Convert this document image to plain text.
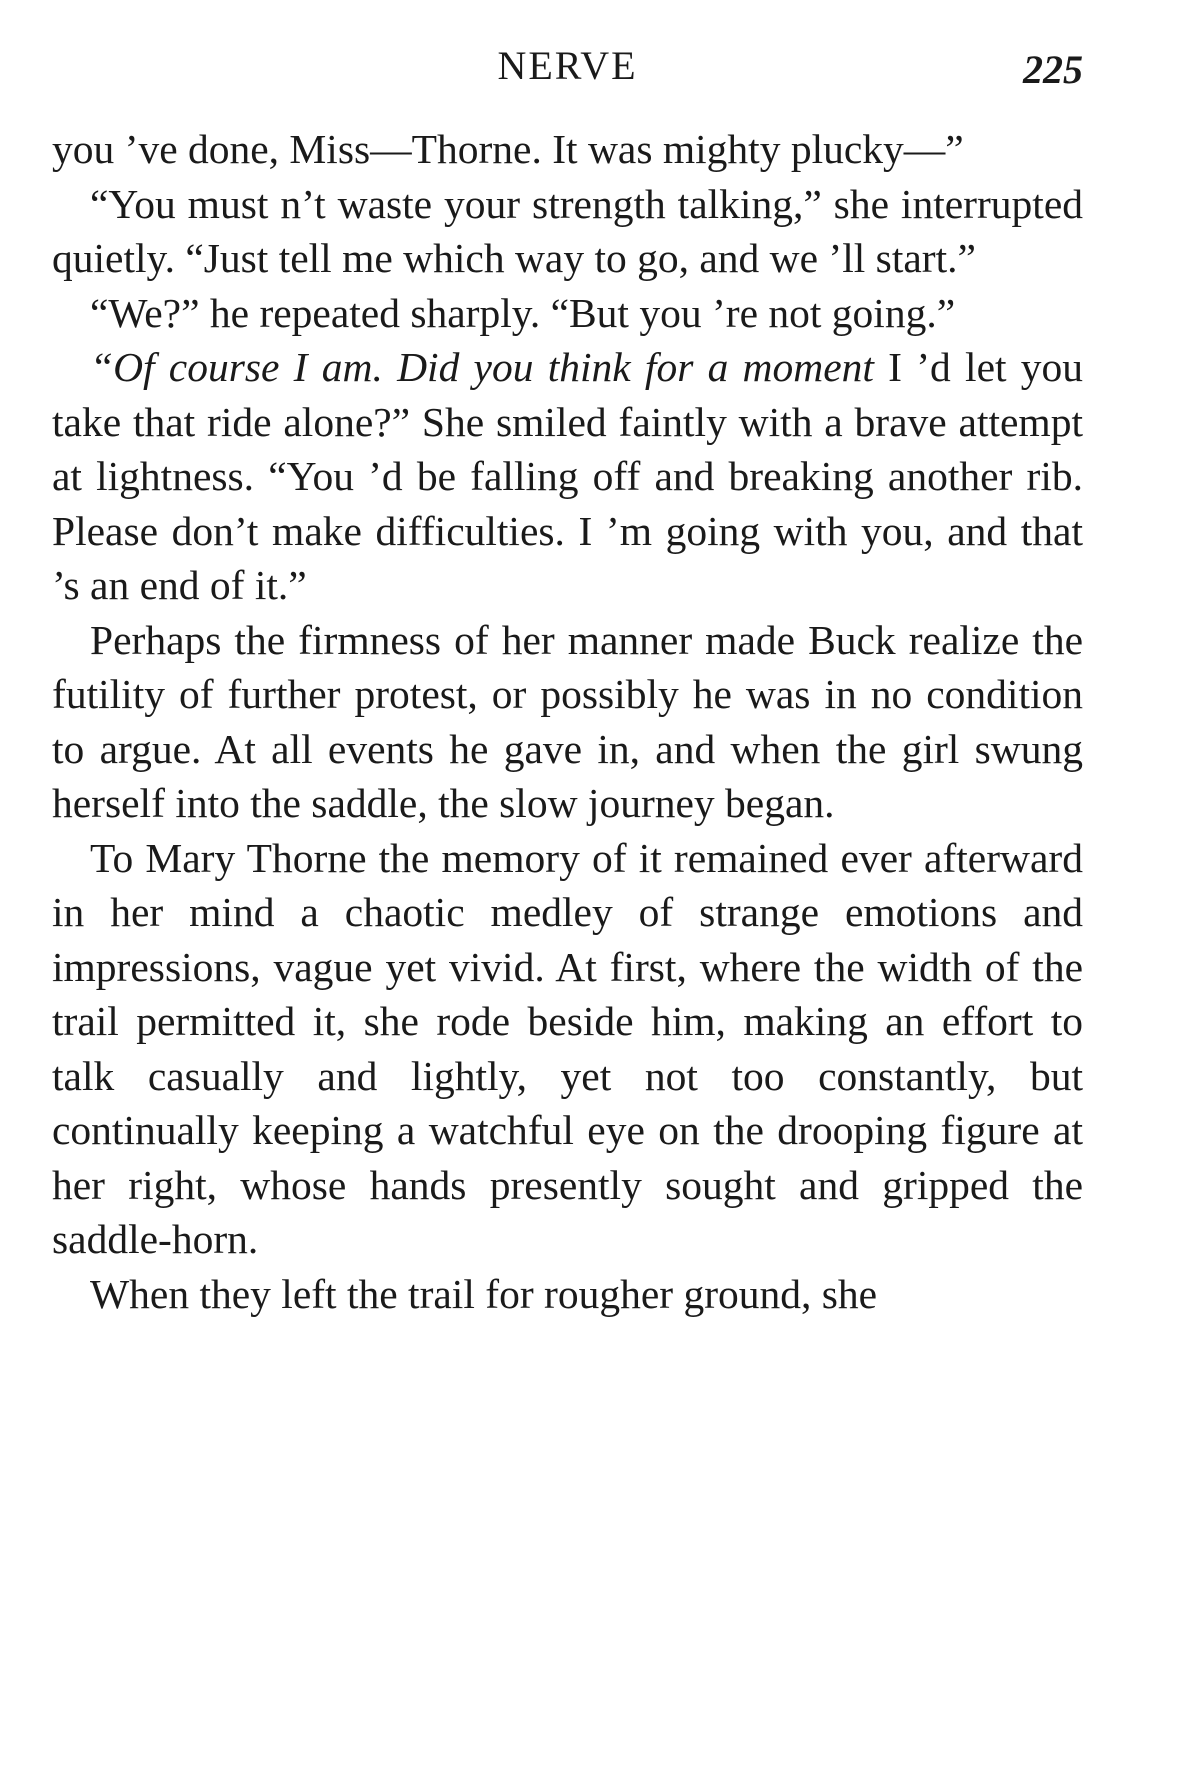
NERVE	225

you ’ve done, Miss—Thorne. It was mighty plucky—”

“You must n’t waste your strength talking,” she interrupted quietly. “Just tell me which way to go, and we ’ll start.”

“We?” he repeated sharply. “But you ’re not going.”

“Of course I am. Did you think for a moment I ’d let you take that ride alone?” She smiled faintly with a brave attempt at lightness. “You ’d be falling off and breaking another rib. Please don’t make difficulties. I ’m going with you, and that ’s an end of it.”

Perhaps the firmness of her manner made Buck realize the futility of further protest, or possibly he was in no condition to argue. At all events he gave in, and when the girl swung herself into the saddle, the slow journey began.

To Mary Thorne the memory of it remained ever afterward in her mind a chaotic medley of strange emotions and impressions, vague yet vivid. At first, where the width of the trail permitted it, she rode beside him, making an effort to talk casually and lightly, yet not too constantly, but continually keeping a watchful eye on the drooping figure at her right, whose hands presently sought and gripped the saddle-horn.

When they left the trail for rougher ground, she
